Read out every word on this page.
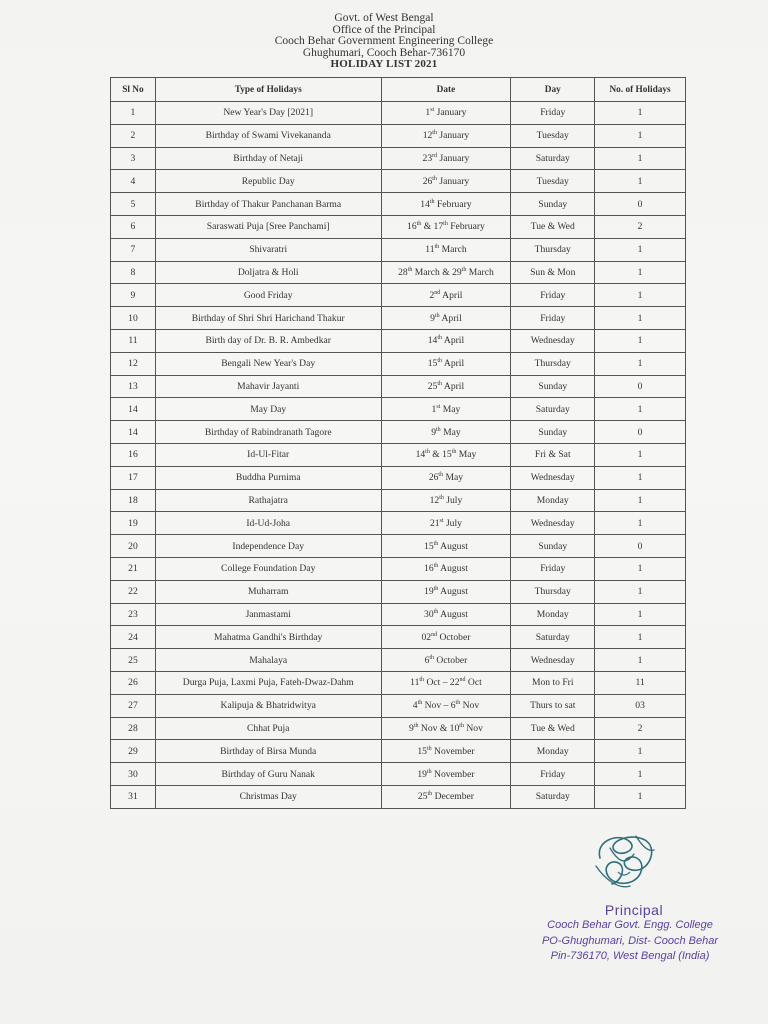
Govt. of West Bengal
Office of the Principal
Cooch Behar Government Engineering College
Ghughumari, Cooch Behar-736170
HOLIDAY LIST 2021
Sl No	Type of Holidays	Date	Day	No. of Holidays
1	New Year's Day [2021]	1st January	Friday	1
2	Birthday of Swami Vivekananda	12th January	Tuesday	1
3	Birthday of Netaji	23rd January	Saturday	1
4	Republic Day	26th January	Tuesday	1
5	Birthday of Thakur Panchanan Barma	14th February	Sunday	0
6	Saraswati Puja [Sree Panchami]	16th & 17th February	Tue & Wed	2
7	Shivaratri	11th March	Thursday	1
8	Doljatra & Holi	28th March & 29th March	Sun & Mon	1
9	Good Friday	2nd April	Friday	1
10	Birthday of Shri Shri Harichand Thakur	9th April	Friday	1
11	Birth day of Dr. B. R. Ambedkar	14th April	Wednesday	1
12	Bengali New Year's Day	15th April	Thursday	1
13	Mahavir Jayanti	25th April	Sunday	0
14	May Day	1st May	Saturday	1
14	Birthday of Rabindranath Tagore	9th May	Sunday	0
16	Id-Ul-Fitar	14th & 15th May	Fri & Sat	1
17	Buddha Purnima	26th May	Wednesday	1
18	Rathajatra	12th July	Monday	1
19	Id-Ud-Joha	21st July	Wednesday	1
20	Independence Day	15th August	Sunday	0
21	College Foundation Day	16th August	Friday	1
22	Muharram	19th August	Thursday	1
23	Janmastami	30th August	Monday	1
24	Mahatma Gandhi's Birthday	02nd October	Saturday	1
25	Mahalaya	6th October	Wednesday	1
26	Durga Puja, Laxmi Puja, Fateh-Dwaz-Dahm	11th Oct – 22nd Oct	Mon to Fri	11
27	Kalipuja & Bhatridwitya	4th Nov – 6th Nov	Thurs to sat	03
28	Chhat Puja	9th Nov & 10th Nov	Tue & Wed	2
29	Birthday of Birsa Munda	15th November	Monday	1
30	Birthday of Guru Nanak	19th November	Friday	1
31	Christmas Day	25th December	Saturday	1
Principal
Cooch Behar Govt. Engg. College
PO-Ghughumari, Dist- Cooch Behar
Pin-736170, West Bengal (India)
